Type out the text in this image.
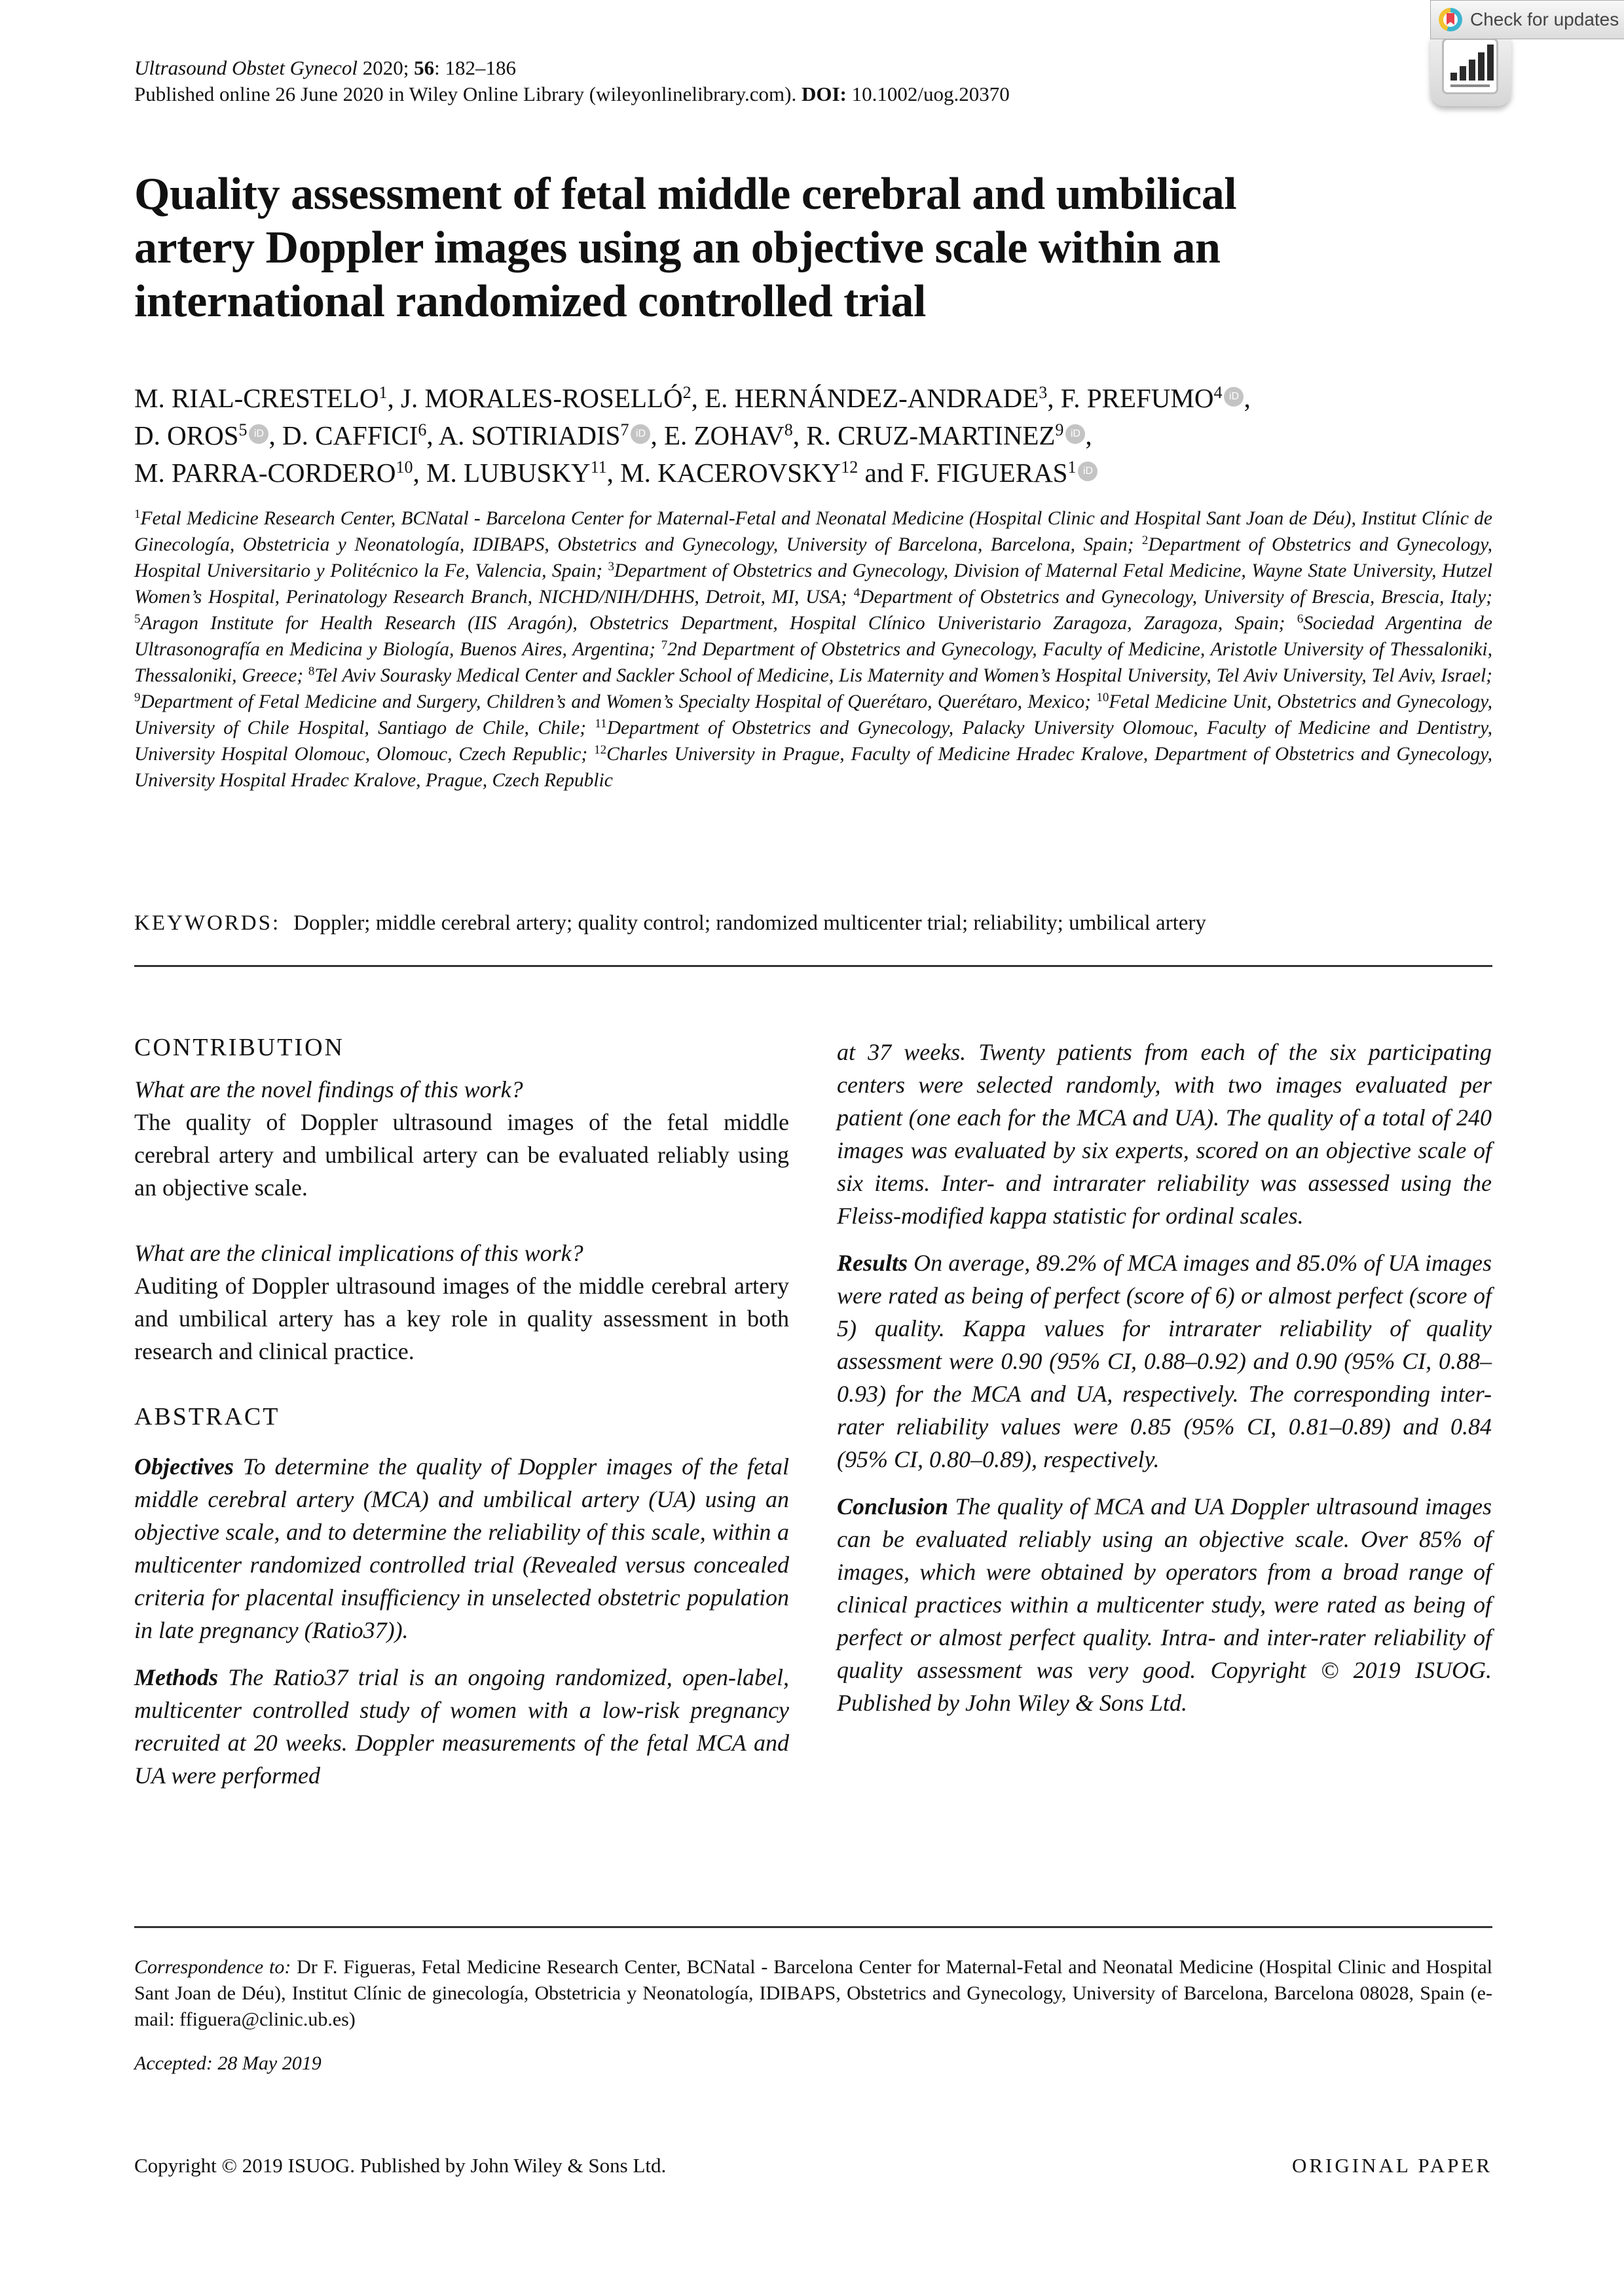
Ultrasound Obstet Gynecol 2020; 56: 182–186
Published online 26 June 2020 in Wiley Online Library (wileyonlinelibrary.com). DOI: 10.1002/uog.20370
Check for updates
Quality assessment of fetal middle cerebral and umbilical
artery Doppler images using an objective scale within an
international randomized controlled trial
M. RIAL-CRESTELO$^1$, J. MORALES-ROSELLÓ$^2$, E. HERNÁNDEZ-ANDRADE$^3$, F. PREFUMO$^4$ iD ,
D. OROS$^5$ iD , D. CAFFICI$^6$, A. SOTIRIADIS$^7$ iD , E. ZOHAV$^8$, R. CRUZ-MARTINEZ$^9$ iD ,
M. PARRA-CORDERO$^{10}$, M. LUBUSKY$^{11}$, M. KACEROVSKY$^{12}$ and F. FIGUERAS$^1$ iD
$^1$Fetal Medicine Research Center, BCNatal - Barcelona Center for Maternal-Fetal and Neonatal Medicine (Hospital Clinic and Hospital Sant Joan de Déu), Institut Clínic de Ginecología, Obstetricia y Neonatología, IDIBAPS, Obstetrics and Gynecology, University of Barcelona, Barcelona, Spain; $^2$Department of Obstetrics and Gynecology, Hospital Universitario y Politécnico la Fe, Valencia, Spain; $^3$Department of Obstetrics and Gynecology, Division of Maternal Fetal Medicine, Wayne State University, Hutzel Women’s Hospital, Perinatology Research Branch, NICHD/NIH/DHHS, Detroit, MI, USA; $^4$Department of Obstetrics and Gynecology, University of Brescia, Brescia, Italy; $^5$Aragon Institute for Health Research (IIS Aragón), Obstetrics Department, Hospital Clínico Univeristario Zaragoza, Zaragoza, Spain; $^6$Sociedad Argentina de Ultrasonografía en Medicina y Biología, Buenos Aires, Argentina; $^7$2nd Department of Obstetrics and Gynecology, Faculty of Medicine, Aristotle University of Thessaloniki, Thessaloniki, Greece; $^8$Tel Aviv Sourasky Medical Center and Sackler School of Medicine, Lis Maternity and Women’s Hospital University, Tel Aviv University, Tel Aviv, Israel; $^9$Department of Fetal Medicine and Surgery, Children’s and Women’s Specialty Hospital of Querétaro, Querétaro, Mexico; $^{10}$Fetal Medicine Unit, Obstetrics and Gynecology, University of Chile Hospital, Santiago de Chile, Chile; $^{11}$Department of Obstetrics and Gynecology, Palacky University Olomouc, Faculty of Medicine and Dentistry, University Hospital Olomouc, Olomouc, Czech Republic; $^{12}$Charles University in Prague, Faculty of Medicine Hradec Kralove, Department of Obstetrics and Gynecology, University Hospital Hradec Kralove, Prague, Czech Republic
KEYWORDS: Doppler; middle cerebral artery; quality control; randomized multicenter trial; reliability; umbilical artery
CONTRIBUTION
What are the novel findings of this work?
The quality of Doppler ultrasound images of the fetal middle cerebral artery and umbilical artery can be evaluated reliably using an objective scale.
What are the clinical implications of this work?
Auditing of Doppler ultrasound images of the middle cerebral artery and umbilical artery has a key role in quality assessment in both research and clinical practice.
ABSTRACT
Objectives To determine the quality of Doppler images of the fetal middle cerebral artery (MCA) and umbilical artery (UA) using an objective scale, and to determine the reliability of this scale, within a multicenter randomized controlled trial (Revealed versus concealed criteria for placental insufficiency in unselected obstetric population in late pregnancy (Ratio37)).
Methods The Ratio37 trial is an ongoing randomized, open-label, multicenter controlled study of women with a low-risk pregnancy recruited at 20 weeks. Doppler measurements of the fetal MCA and UA were performed
at 37 weeks. Twenty patients from each of the six participating centers were selected randomly, with two images evaluated per patient (one each for the MCA and UA). The quality of a total of 240 images was evaluated by six experts, scored on an objective scale of six items. Inter- and intrarater reliability was assessed using the Fleiss-modified kappa statistic for ordinal scales.
Results On average, 89.2% of MCA images and 85.0% of UA images were rated as being of perfect (score of 6) or almost perfect (score of 5) quality. Kappa values for intrarater reliability of quality assessment were 0.90 (95% CI, 0.88–0.92) and 0.90 (95% CI, 0.88–0.93) for the MCA and UA, respectively. The corresponding inter-rater reliability values were 0.85 (95% CI, 0.81–0.89) and 0.84 (95% CI, 0.80–0.89), respectively.
Conclusion The quality of MCA and UA Doppler ultrasound images can be evaluated reliably using an objective scale. Over 85% of images, which were obtained by operators from a broad range of clinical practices within a multicenter study, were rated as being of perfect or almost perfect quality. Intra- and inter-rater reliability of quality assessment was very good. Copyright © 2019 ISUOG. Published by John Wiley & Sons Ltd.
Correspondence to: Dr F. Figueras, Fetal Medicine Research Center, BCNatal - Barcelona Center for Maternal-Fetal and Neonatal Medicine (Hospital Clinic and Hospital Sant Joan de Déu), Institut Clínic de ginecología, Obstetricia y Neonatología, IDIBAPS, Obstetrics and Gynecology, University of Barcelona, Barcelona 08028, Spain (e-mail: ffiguera@clinic.ub.es)
Accepted: 28 May 2019
Copyright © 2019 ISUOG. Published by John Wiley & Sons Ltd.	ORIGINAL PAPER
